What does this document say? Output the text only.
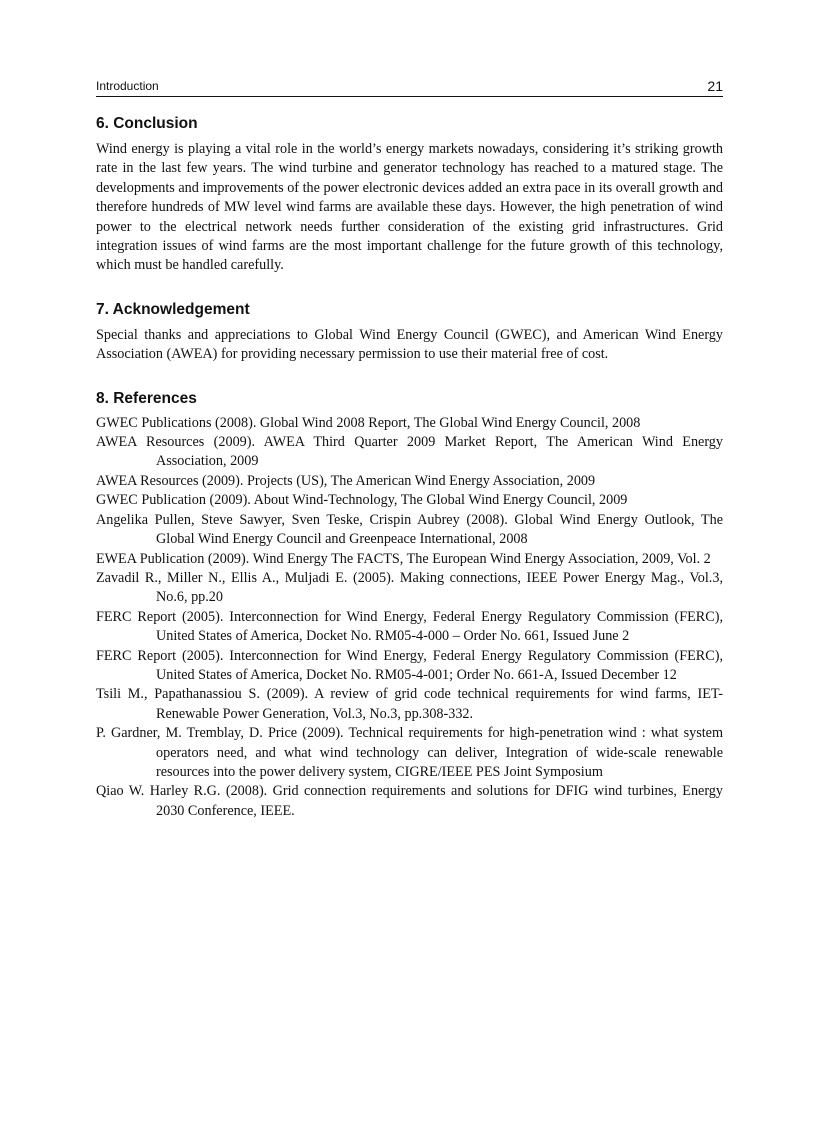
Introduction	21
6. Conclusion

Wind energy is playing a vital role in the world’s energy markets nowadays, considering it’s striking growth rate in the last few years. The wind turbine and generator technology has reached to a matured stage. The developments and improvements of the power electronic devices added an extra pace in its overall growth and therefore hundreds of MW level wind farms are available these days. However, the high penetration of wind power to the electrical network needs further consideration of the existing grid infrastructures. Grid integration issues of wind farms are the most important challenge for the future growth of this technology, which must be handled carefully.

7. Acknowledgement

Special thanks and appreciations to Global Wind Energy Council (GWEC), and American Wind Energy Association (AWEA) for providing necessary permission to use their material free of cost.

8. References
GWEC Publications (2008). Global Wind 2008 Report, The Global Wind Energy Council, 2008
AWEA Resources (2009). AWEA Third Quarter 2009 Market Report, The American Wind Energy Association, 2009
AWEA Resources (2009). Projects (US), The American Wind Energy Association, 2009
GWEC Publication (2009). About Wind-Technology, The Global Wind Energy Council, 2009
Angelika Pullen, Steve Sawyer, Sven Teske, Crispin Aubrey (2008). Global Wind Energy Outlook, The Global Wind Energy Council and Greenpeace International, 2008
EWEA Publication (2009). Wind Energy The FACTS, The European Wind Energy Association, 2009, Vol. 2
Zavadil R., Miller N., Ellis A., Muljadi E. (2005). Making connections, IEEE Power Energy Mag., Vol.3, No.6, pp.20
FERC Report (2005). Interconnection for Wind Energy, Federal Energy Regulatory Commission (FERC), United States of America, Docket No. RM05-4-000 – Order No. 661, Issued June 2
FERC Report (2005). Interconnection for Wind Energy, Federal Energy Regulatory Commission (FERC), United States of America, Docket No. RM05-4-001; Order No. 661-A, Issued December 12
Tsili M., Papathanassiou S. (2009). A review of grid code technical requirements for wind farms, IET-Renewable Power Generation, Vol.3, No.3, pp.308-332.
P. Gardner, M. Tremblay, D. Price (2009). Technical requirements for high-penetration wind : what system operators need, and what wind technology can deliver, Integration of wide-scale renewable resources into the power delivery system, CIGRE/IEEE PES Joint Symposium
Qiao W. Harley R.G. (2008). Grid connection requirements and solutions for DFIG wind turbines, Energy 2030 Conference, IEEE.
